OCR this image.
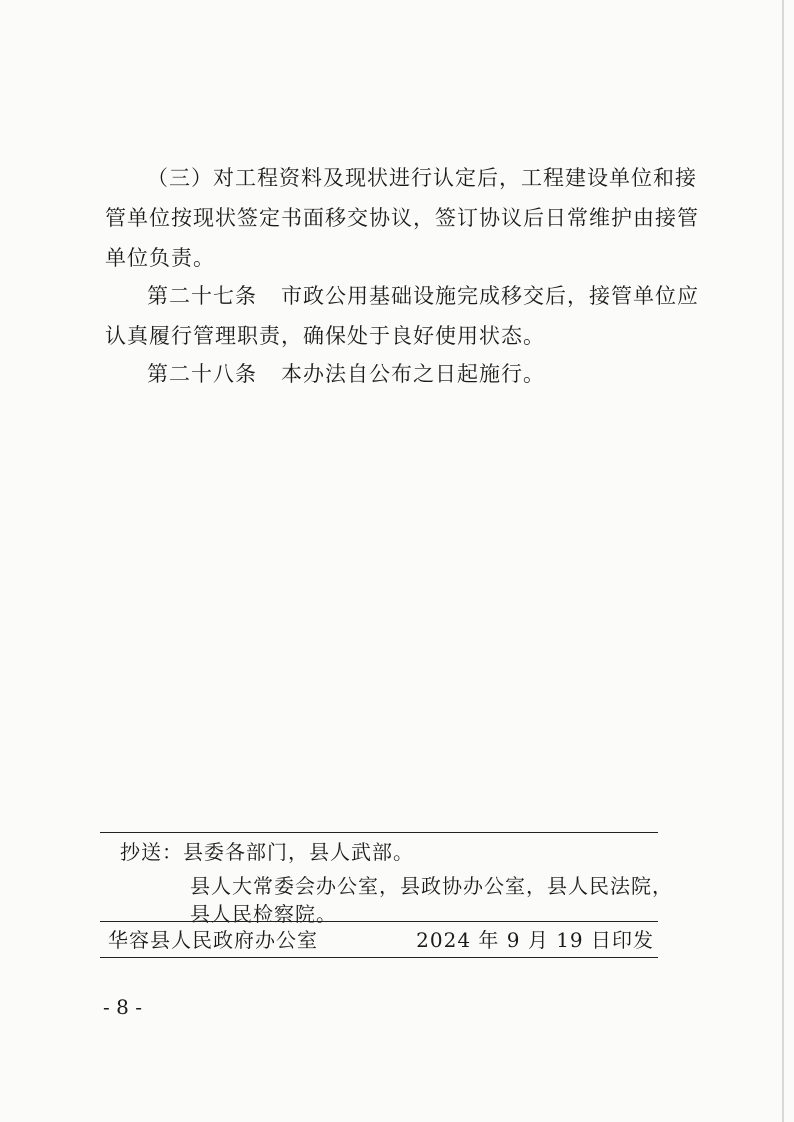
（三）对工程资料及现状进行认定后，工程建设单位和接
管单位按现状签定书面移交协议，签订协议后日常维护由接管
单位负责。

第二十七条 市政公用基础设施完成移交后，接管单位应
认真履行管理职责，确保处于良好使用状态。

第二十八条 本办法自公布之日起施行。

抄送：县委各部门，县人武部。
县人大常委会办公室，县政协办公室，县人民法院，
县人民检察院。
华容县人民政府办公室	2024 年 9 月 19 日印发
- 8 -
